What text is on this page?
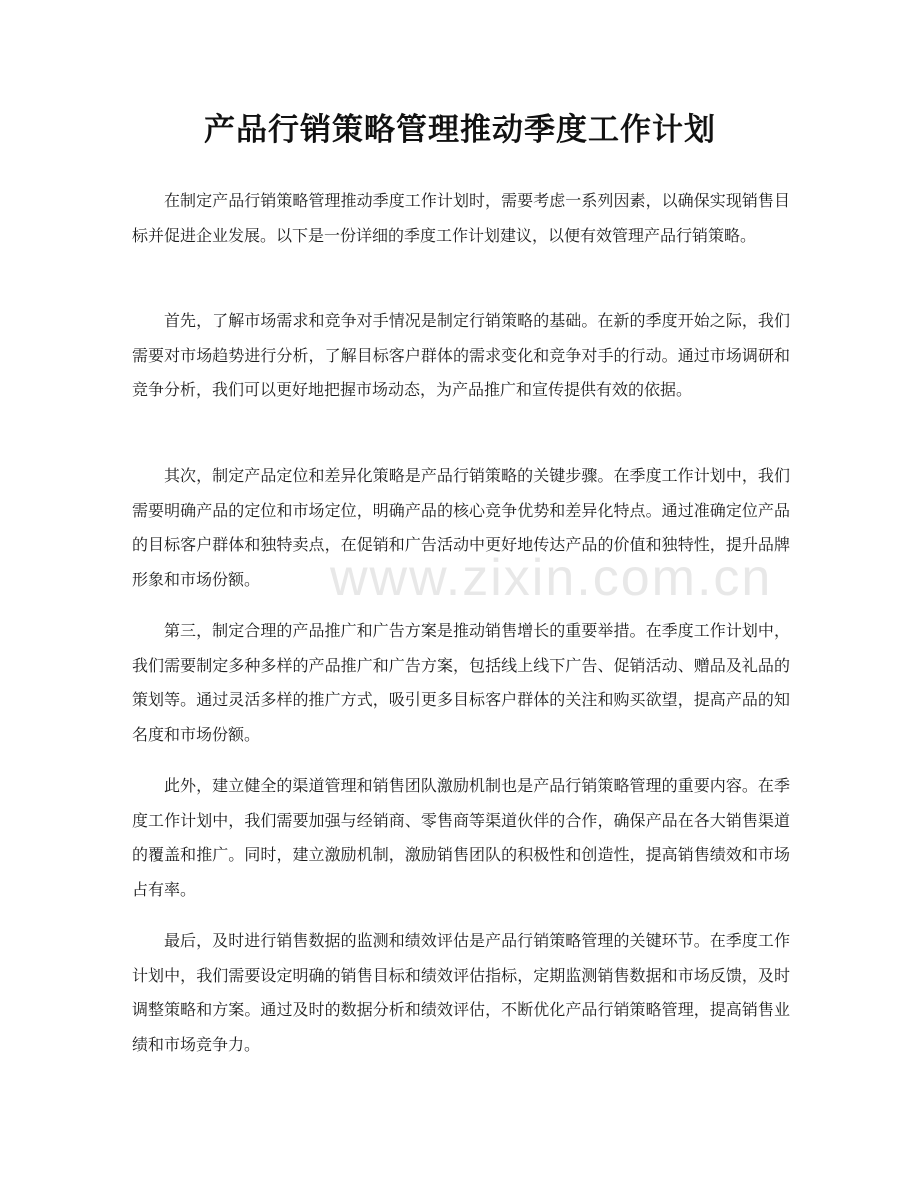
产品行销策略管理推动季度工作计划

在制定产品行销策略管理推动季度工作计划时，需要考虑一系列因素，以确保实现销售目标并促进企业发展。以下是一份详细的季度工作计划建议，以便有效管理产品行销策略。

首先，了解市场需求和竞争对手情况是制定行销策略的基础。在新的季度开始之际，我们需要对市场趋势进行分析，了解目标客户群体的需求变化和竞争对手的行动。通过市场调研和竞争分析，我们可以更好地把握市场动态，为产品推广和宣传提供有效的依据。

其次，制定产品定位和差异化策略是产品行销策略的关键步骤。在季度工作计划中，我们需要明确产品的定位和市场定位，明确产品的核心竞争优势和差异化特点。通过准确定位产品的目标客户群体和独特卖点，在促销和广告活动中更好地传达产品的价值和独特性，提升品牌形象和市场份额。

第三，制定合理的产品推广和广告方案是推动销售增长的重要举措。在季度工作计划中，我们需要制定多种多样的产品推广和广告方案，包括线上线下广告、促销活动、赠品及礼品的策划等。通过灵活多样的推广方式，吸引更多目标客户群体的关注和购买欲望，提高产品的知名度和市场份额。

此外，建立健全的渠道管理和销售团队激励机制也是产品行销策略管理的重要内容。在季度工作计划中，我们需要加强与经销商、零售商等渠道伙伴的合作，确保产品在各大销售渠道的覆盖和推广。同时，建立激励机制，激励销售团队的积极性和创造性，提高销售绩效和市场占有率。

最后，及时进行销售数据的监测和绩效评估是产品行销策略管理的关键环节。在季度工作计划中，我们需要设定明确的销售目标和绩效评估指标，定期监测销售数据和市场反馈，及时调整策略和方案。通过及时的数据分析和绩效评估，不断优化产品行销策略管理，提高销售业绩和市场竞争力。

www.zixin.com.cn
